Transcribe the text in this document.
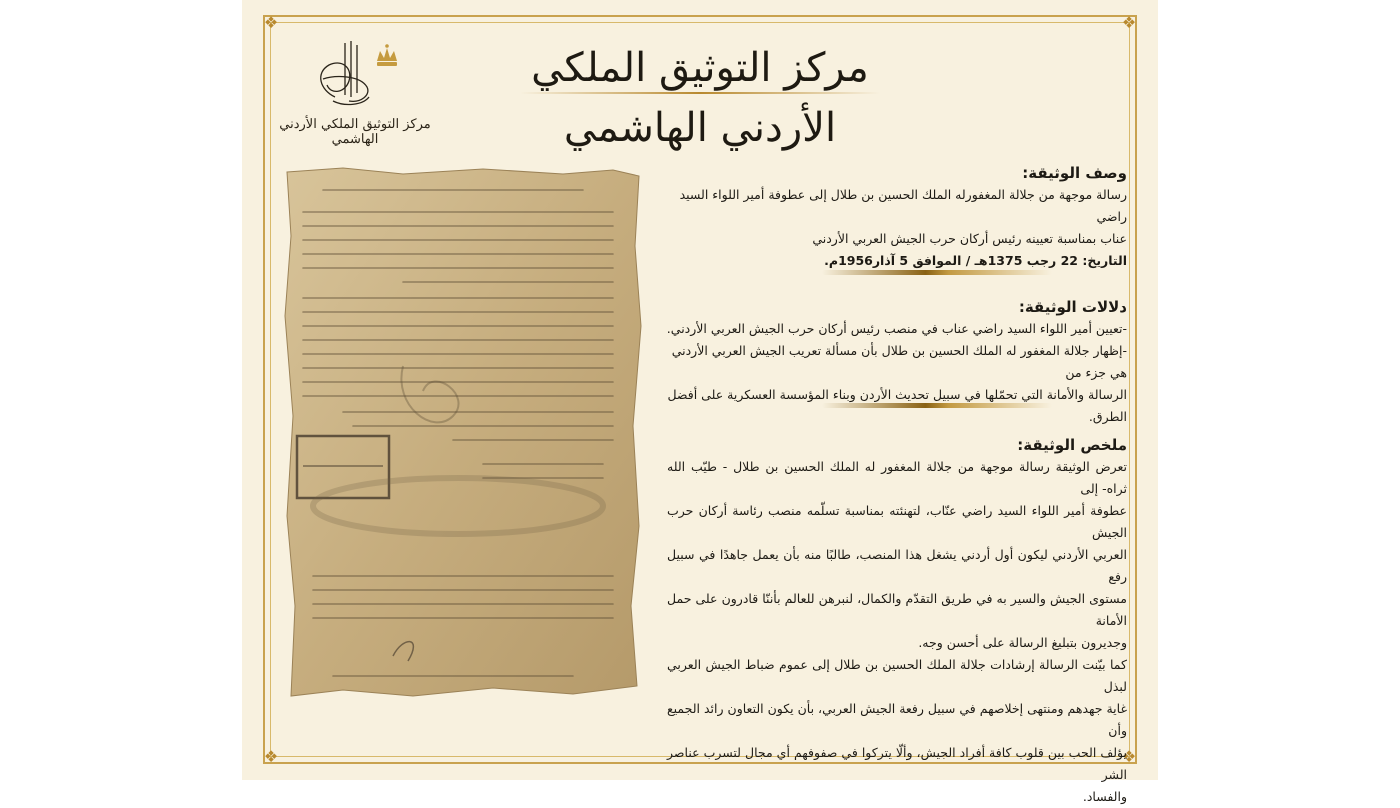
❖	❖
❖	❖
مركز التوثيق الملكي الأردني الهاشمي
مركز التوثيق الملكي الأردني الهاشمي
وصف الوثيقة:

رسالة موجهة من جلالة المغفورله الملك الحسين بن طلال إلى عطوفة أمير اللواء السيد راضي

عناب بمناسبة تعيينه رئيس أركان حرب الجيش العربي الأردني

التاريخ: 22 رجب 1375هـ / الموافق 5 آذار1956م.

دلالات الوثيقة:

-تعيين أمير اللواء السيد راضي عناب في منصب رئيس أركان حرب الجيش العربي الأردني.

-إظهار جلالة المغفور له الملك الحسين بن طلال بأن مسألة تعريب الجيش العربي الأردني هي جزء من

الرسالة والأمانة التي تحمّلها في سبيل تحديث الأردن وبناء المؤسسة العسكرية على أفضل الطرق.

ملخص الوثيقة:

تعرض الوثيقة رسالة موجهة من جلالة المغفور له الملك الحسين بن طلال - طيّب الله ثراه- إلى

عطوفة أمير اللواء السيد راضي عنّاب، لتهنئته بمناسبة تسلّمه منصب رئاسة أركان حرب الجيش

العربي الأردني ليكون أول أردني يشغل هذا المنصب، طالبًا منه بأن يعمل جاهدًا في سبيل رفع

مستوى الجيش والسير به في طريق التقدّم والكمال، لنبرهن للعالم بأننّا قادرون على حمل الأمانة

وجديرون بتبليغ الرسالة على أحسن وجه.

كما بيّنت الرسالة إرشادات جلالة الملك الحسين بن طلال إلى عموم ضباط الجيش العربي لبذل

غاية جهدهم ومنتهى إخلاصهم في سبيل رفعة الجيش العربي، بأن يكون التعاون رائد الجميع وأن

يؤلف الحب بين قلوب كافة أفراد الجيش، وألّا يتركوا في صفوفهم أي مجال لتسرب عناصر الشر

والفساد.
